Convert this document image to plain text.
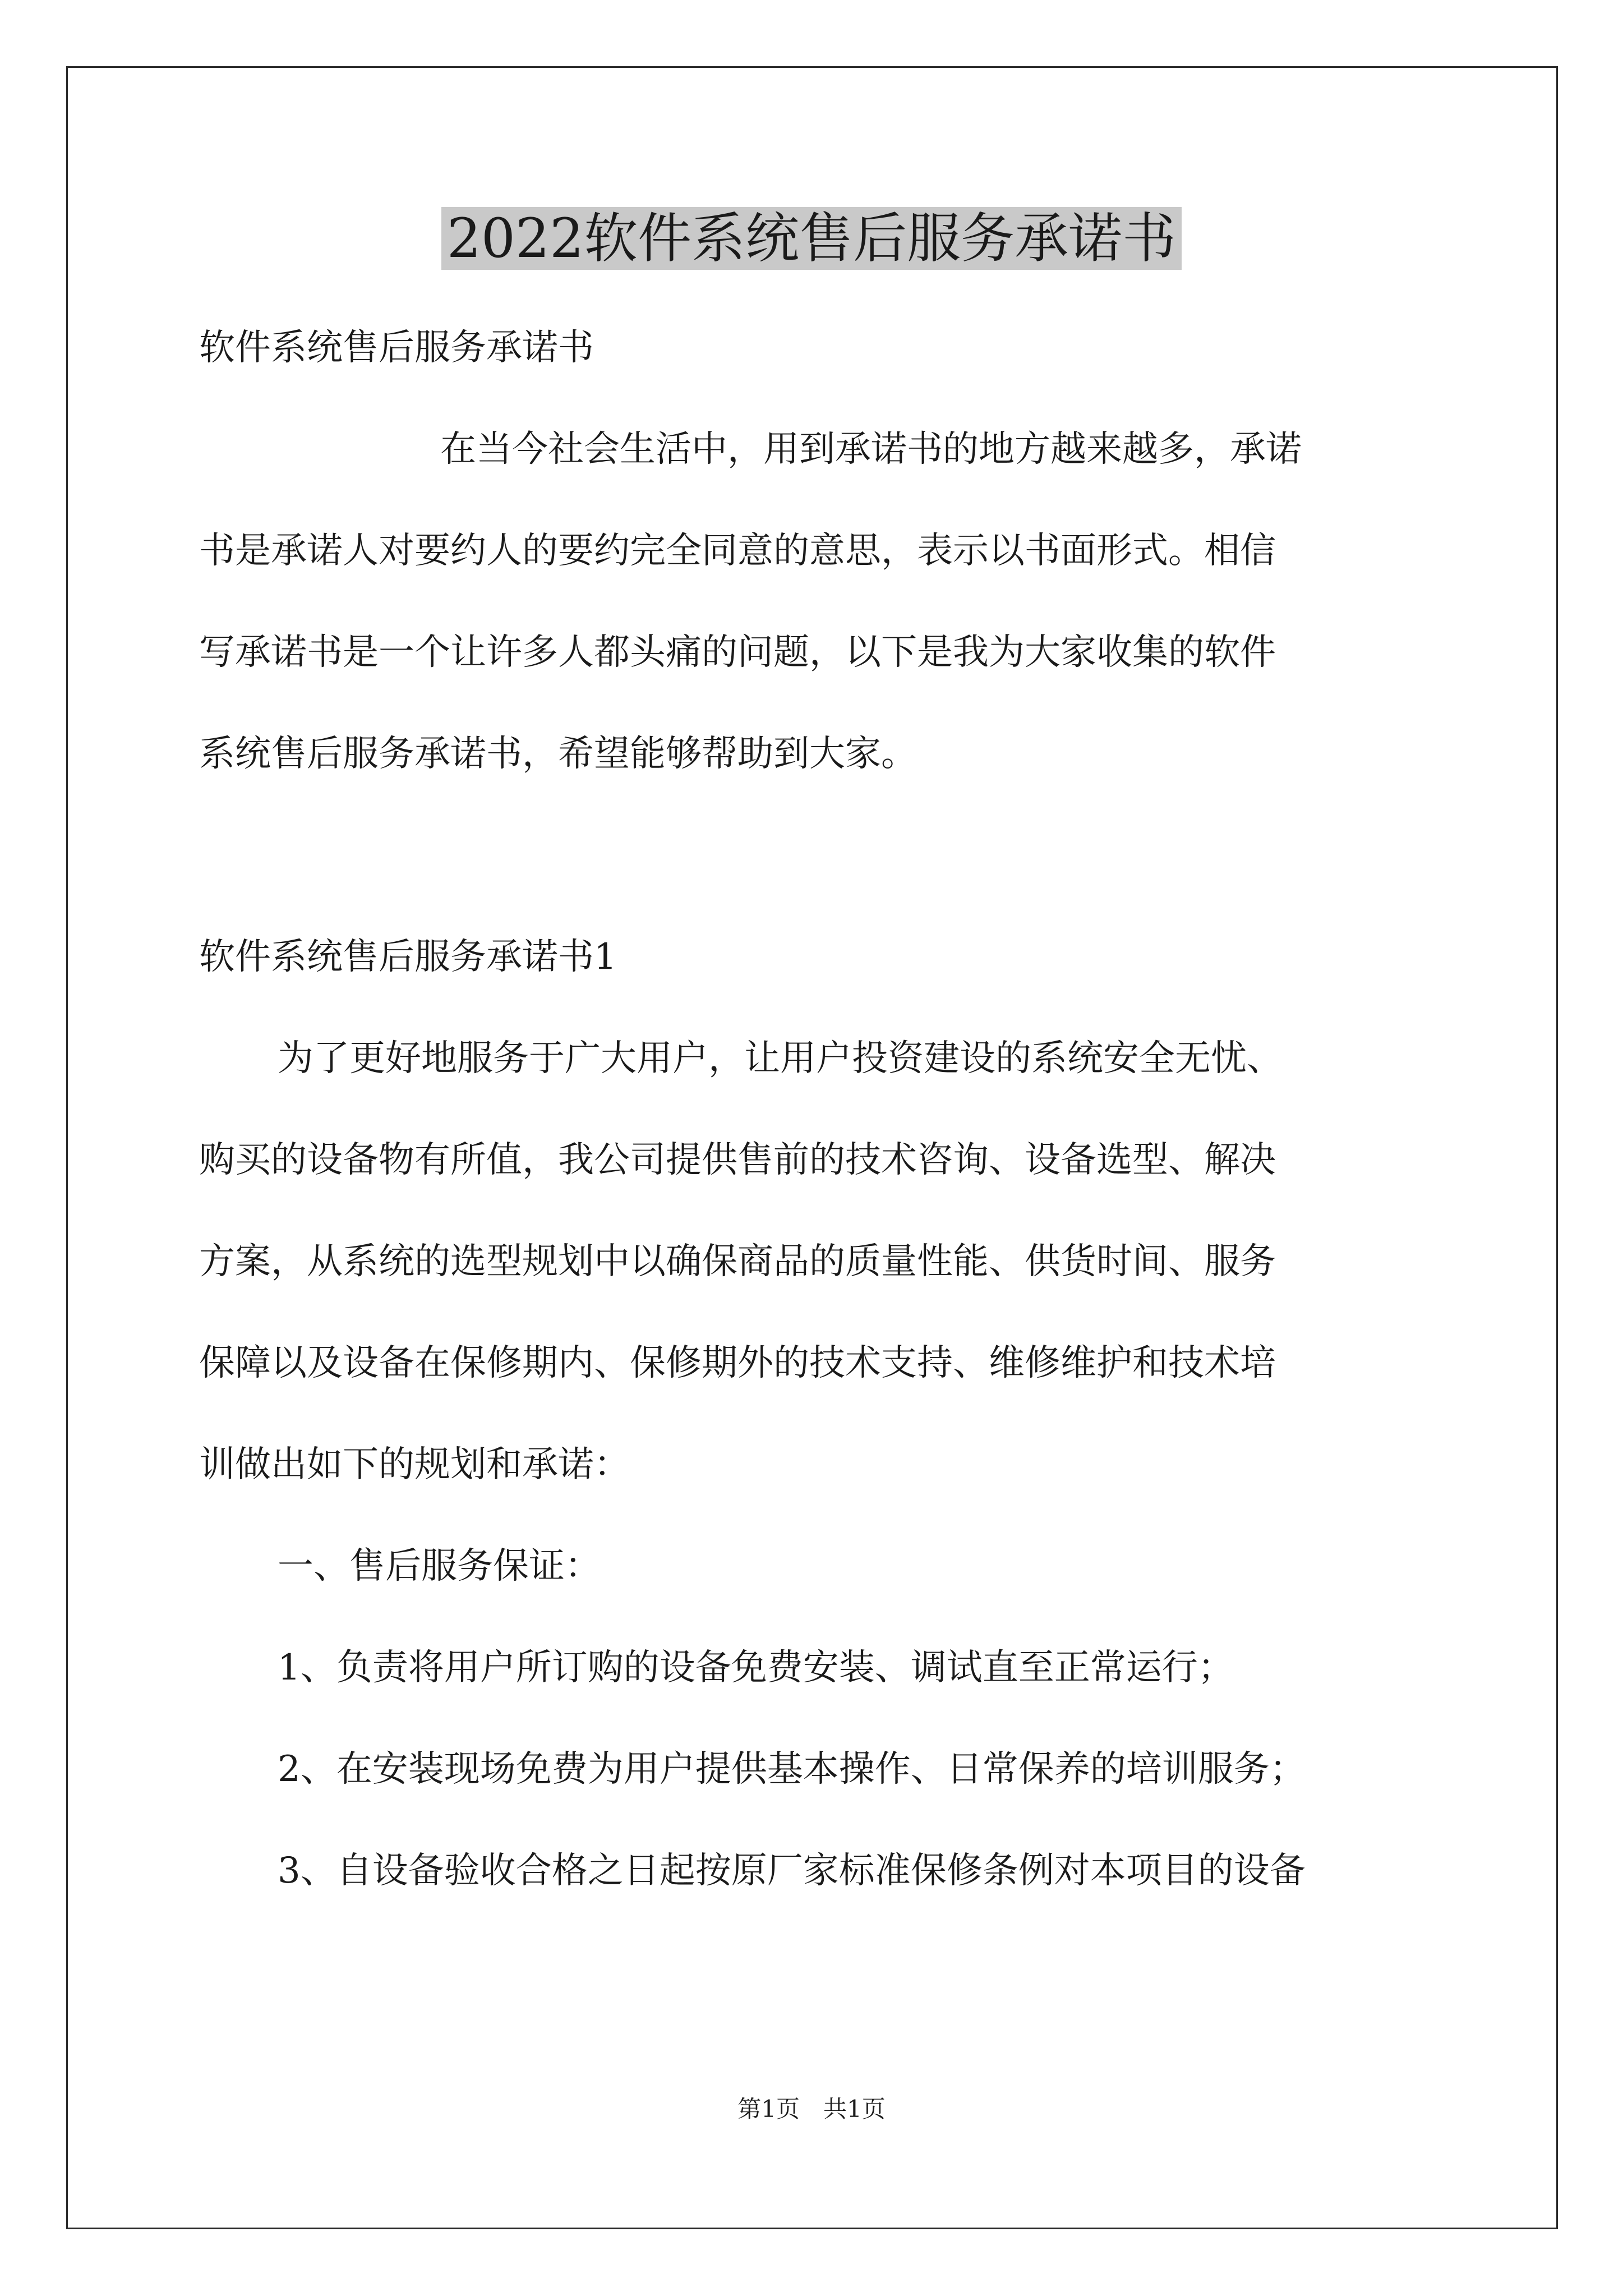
2022软件系统售后服务承诺书
软件系统售后服务承诺书
在当今社会生活中，用到承诺书的地方越来越多，承诺
书是承诺人对要约人的要约完全同意的意思，表示以书面形式。相信
写承诺书是一个让许多人都头痛的问题，以下是我为大家收集的软件
系统售后服务承诺书，希望能够帮助到大家。
软件系统售后服务承诺书1
为了更好地服务于广大用户，让用户投资建设的系统安全无忧、
购买的设备物有所值，我公司提供售前的技术咨询、设备选型、解决
方案，从系统的选型规划中以确保商品的质量性能、供货时间、服务
保障以及设备在保修期内、保修期外的技术支持、维修维护和技术培
训做出如下的规划和承诺：
一、售后服务保证：
1、负责将用户所订购的设备免费安装、调试直至正常运行；
2、在安装现场免费为用户提供基本操作、日常保养的培训服务；
3、自设备验收合格之日起按原厂家标准保修条例对本项目的设备
第1页　共1页
